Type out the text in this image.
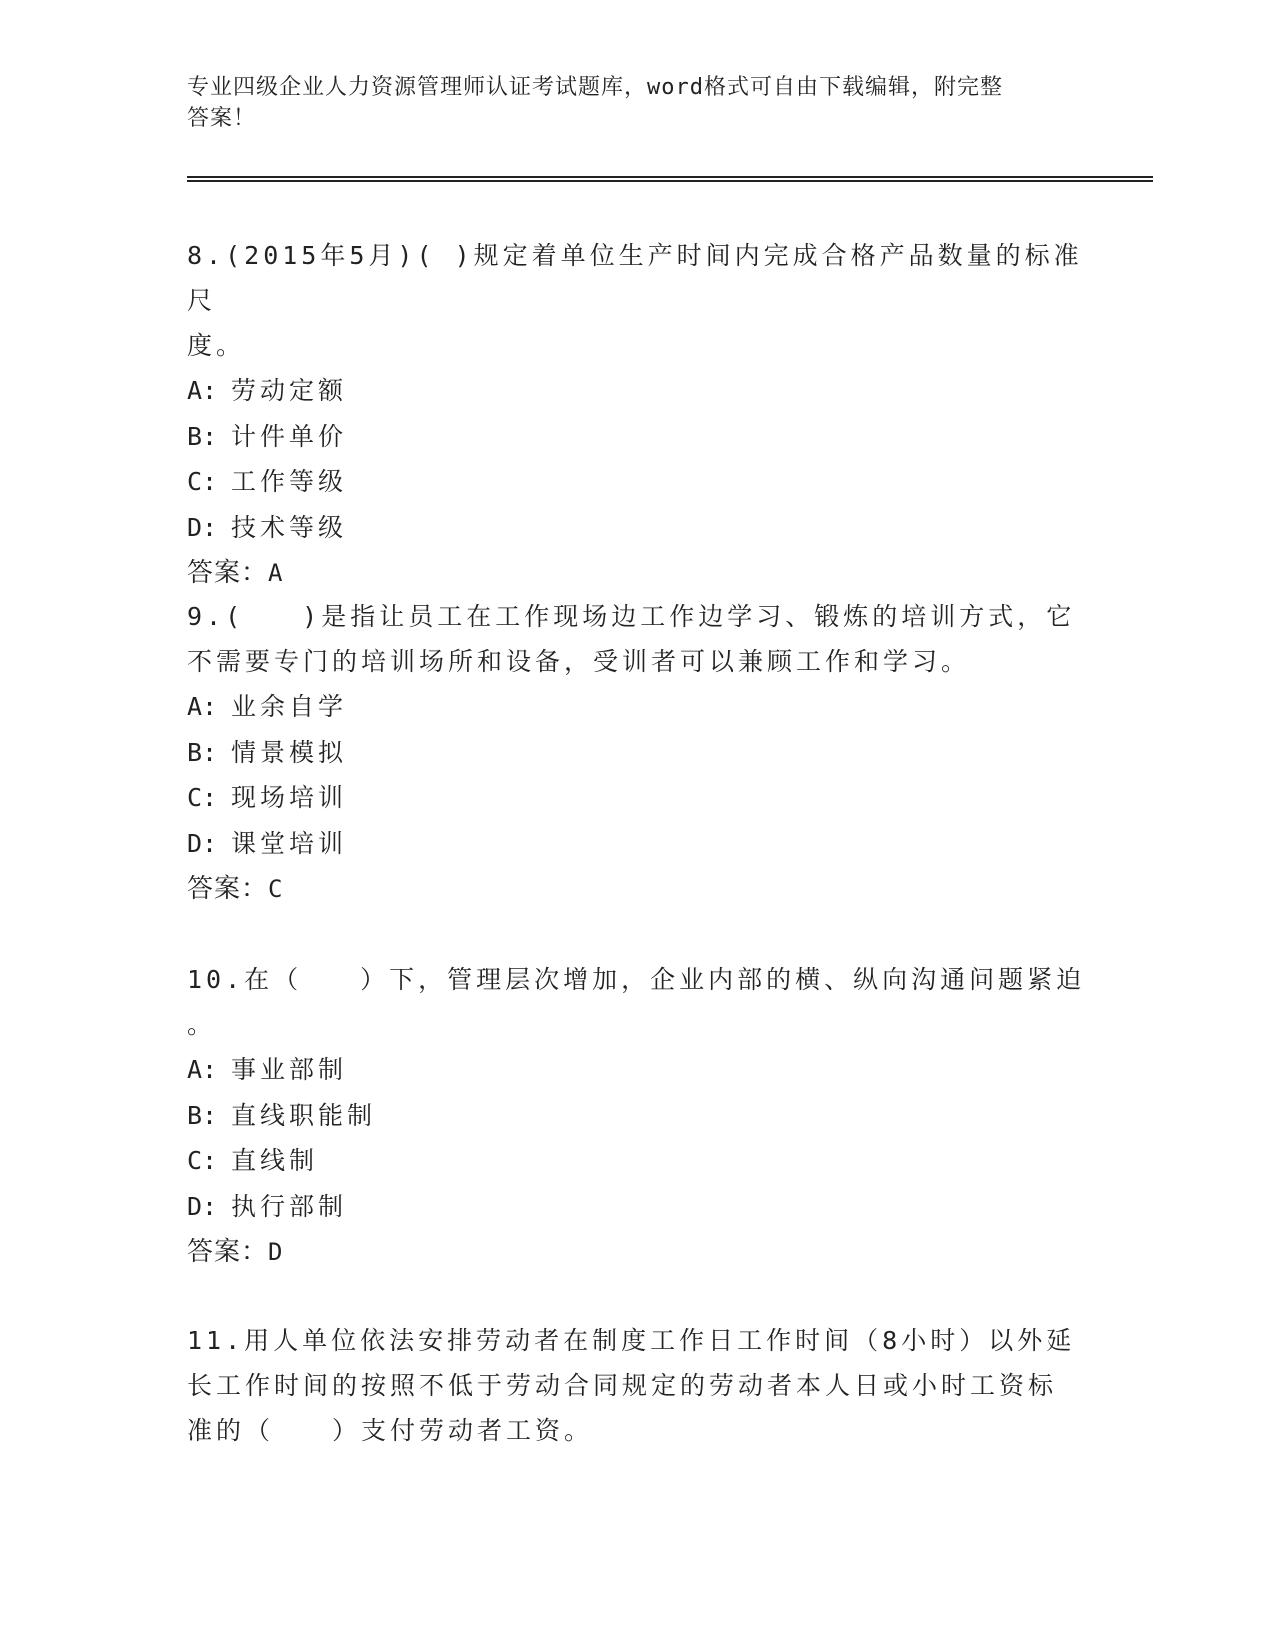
专业四级企业人力资源管理师认证考试题库，word格式可自由下载编辑，附完整
答案！
8.(2015年5月)( )规定着单位生产时间内完成合格产品数量的标准尺
度。
A: 劳动定额
B: 计件单价
C: 工作等级
D: 技术等级
答案：A
9.(　　)是指让员工在工作现场边工作边学习、锻炼的培训方式，它
不需要专门的培训场所和设备，受训者可以兼顾工作和学习。
A: 业余自学
B: 情景模拟
C: 现场培训
D: 课堂培训
答案：C
10.在（　　）下，管理层次增加，企业内部的横、纵向沟通问题紧迫
。
A: 事业部制
B: 直线职能制
C: 直线制
D: 执行部制
答案：D
11.用人单位依法安排劳动者在制度工作日工作时间（8小时）以外延
长工作时间的按照不低于劳动合同规定的劳动者本人日或小时工资标
准的（　　）支付劳动者工资。
